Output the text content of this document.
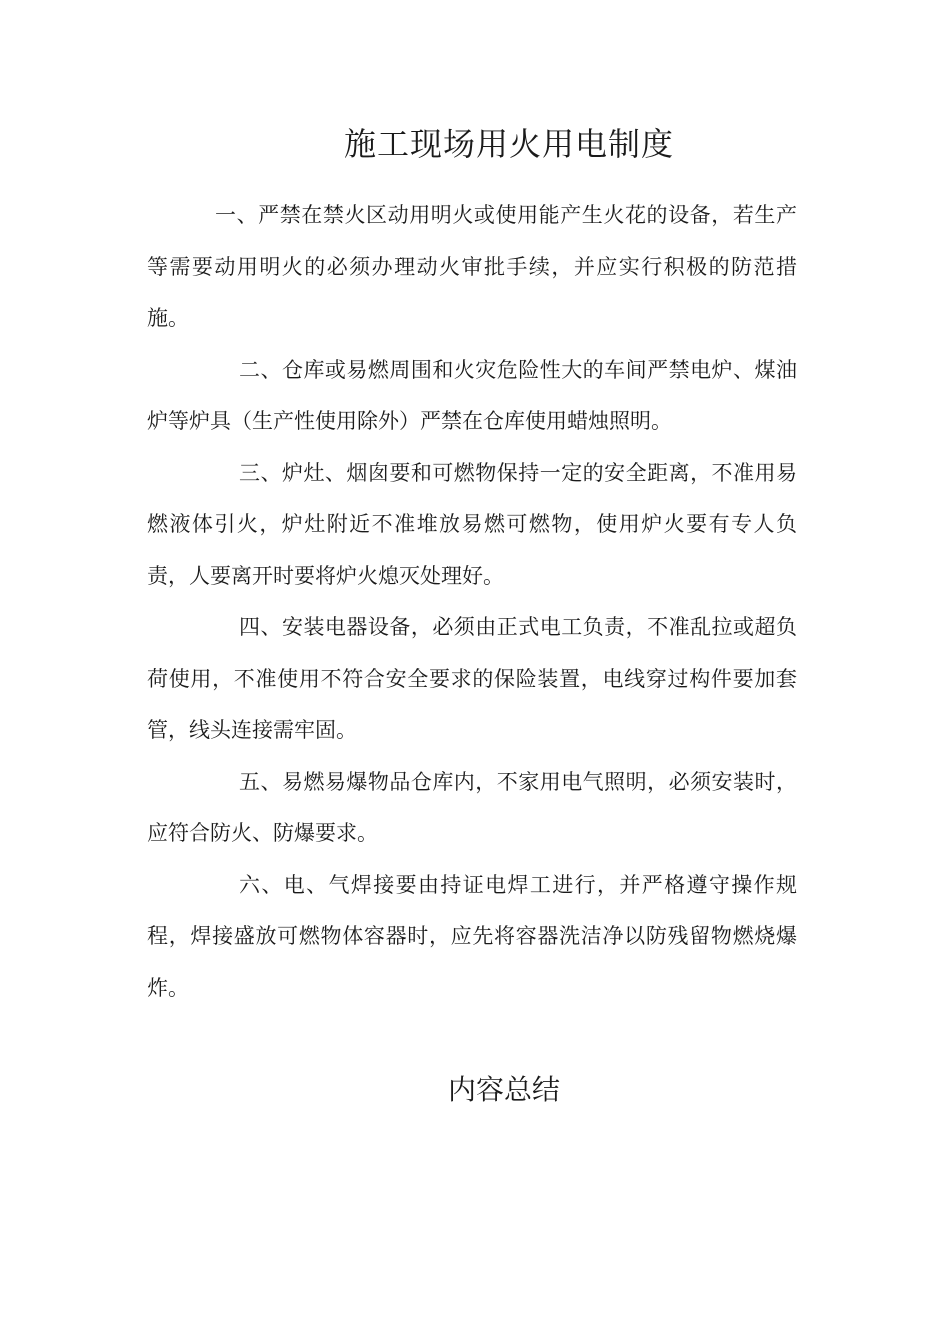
施工现场用火用电制度

一、严禁在禁火区动用明火或使用能产生火花的设备，若生产等需要动用明火的必须办理动火审批手续，并应实行积极的防范措施。

二、仓库或易燃周围和火灾危险性大的车间严禁电炉、煤油炉等炉具（生产性使用除外）严禁在仓库使用蜡烛照明。

三、炉灶、烟囱要和可燃物保持一定的安全距离，不准用易燃液体引火，炉灶附近不准堆放易燃可燃物，使用炉火要有专人负责，人要离开时要将炉火熄灭处理好。

四、安装电器设备，必须由正式电工负责，不准乱拉或超负荷使用，不准使用不符合安全要求的保险装置，电线穿过构件要加套管，线头连接需牢固。

五、易燃易爆物品仓库内，不家用电气照明，必须安装时，应符合防火、防爆要求。

六、电、气焊接要由持证电焊工进行，并严格遵守操作规程，焊接盛放可燃物体容器时，应先将容器洗洁净以防残留物燃烧爆炸。

内容总结
